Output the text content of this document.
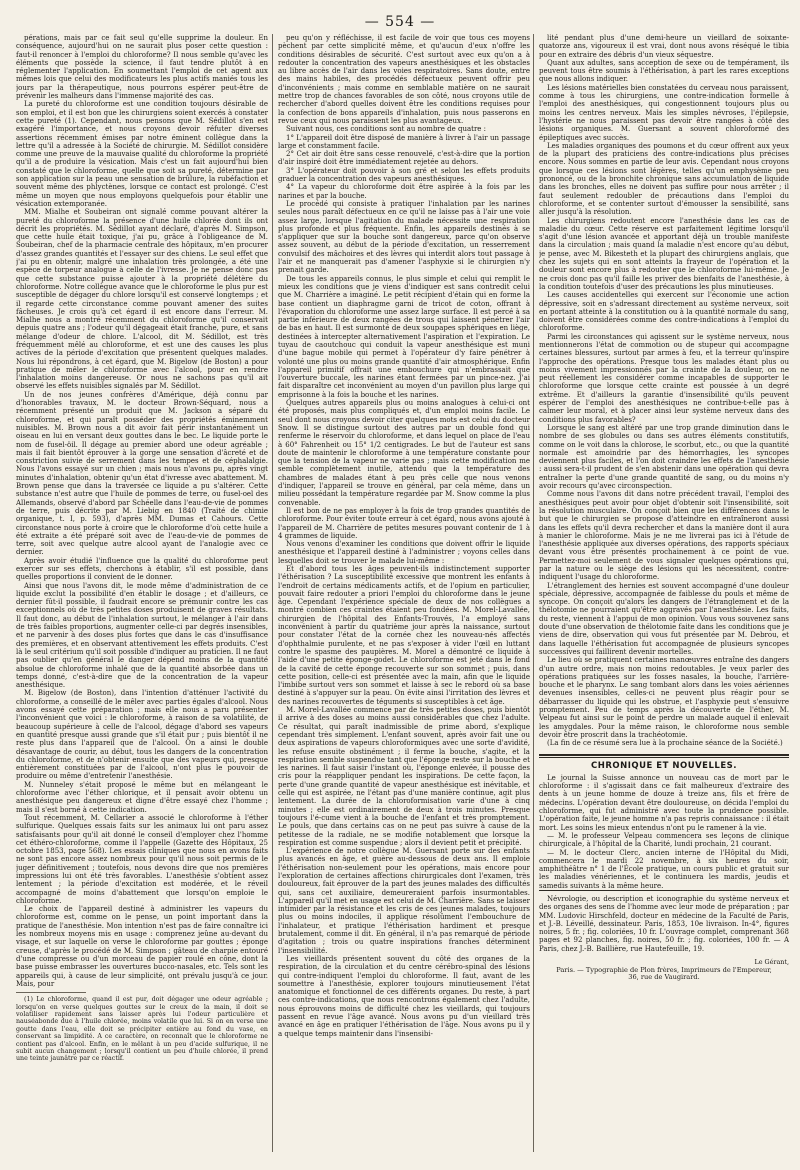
— 554 —

pérations, mais par ce fait seul qu'elle supprime la douleur. En conséquence, aujourd'hui on ne saurait plus poser cette question : faut-il renoncer à l'emploi du chloroforme? Il nous semble qu'avec les éléments que possède la science, il faut tendre plutôt à en réglementer l'application. En soumettant l'emploi de cet agent aux mêmes lois que celui des modificateurs les plus actifs maniés tous les jours par la thérapeutique, nous pourrons espérer peut-être de prévenir les malheurs dans l'immense majorité des cas.

La pureté du chloroforme est une condition toujours désirable de son emploi, et il est bon que les chirurgiens soient exercés à constater cette pureté (1). Cependant, nous pensons que M. Sédillot s'en est exagéré l'importance, et nous croyons devoir réfuter diverses assertions récemment émises par notre éminent collègue dans la lettre qu'il a adressée à la Société de chirurgie. M. Sédillot considère comme une preuve de la mauvaise qualité du chloroforme la propriété qu'il a de produire la vésication. Mais c'est un fait aujourd'hui bien constaté que le chloroforme, quelle que soit sa pureté, détermine par son application sur la peau une sensation de brûlure, la rubéfaction et souvent même des phlyctènes, lorsque ce contact est prolongé. C'est même un moyen que nous employons quelquefois pour établir une vésication extemporanée.

MM. Mialhe et Soubeiran ont signalé comme pouvant altérer la pureté du chloroforme la présence d'une huile chlorée dont ils ont décrit les propriétés. M. Sédillot ayant déclaré, d'après M. Simpson, que cette huile était toxique, j'ai pu, grâce à l'obligeance de M. Soubeiran, chef de la pharmacie centrale des hôpitaux, m'en procurer d'assez grandes quantités et l'essayer sur des chiens. Le seul effet que j'ai pu en obtenir, malgré une inhalation très prolongée, a été une espèce de torpeur analogue à celle de l'ivresse. Je ne pense donc pas que cette substance puisse ajouter à la propriété délétère du chloroforme. Notre collègue avance que le chloroforme le plus pur est susceptible de dégager du chlore lorsqu'il est conservé longtemps ; et il regarde cette circonstance comme pouvant amener des suites fâcheuses. Je crois qu'à cet égard il est encore dans l'erreur. M. Mialhe nous a montré récemment du chloroforme qu'il conservait depuis quatre ans ; l'odeur qu'il dégageait était franche, pure, et sans mélange d'odeur de chlore. L'alcool, dit M. Sédillot, est très fréquemment mêlé au chloroforme, et est une des causes les plus actives de la période d'excitation que présentent quelques malades. Nous lui répondrons, à cet égard, que M. Bigelow (de Boston) a pour pratique de mêler le chloroforme avec l'alcool, pour en rendre l'inhalation moins dangereuse. Or nous ne sachons pas qu'il ait observé les effets nuisibles signalés par M. Sédillot.

Un de nos jeunes confrères d'Amérique, déjà connu par d'honorables travaux, M. le docteur Brown-Séquard, nous a récemment présenté un produit que M. Jackson a séparé du chloroforme, et qui paraît posséder des propriétés éminemment nuisibles. M. Brown nous a dit avoir fait périr instantanément un oiseau en lui en versant deux gouttes dans le bec. Le liquide porte le nom de fusel-öil. Il dégage au premier abord une odeur agréable ; mais il fait bientôt éprouver à la gorge une sensation d'âcreté et de constriction suivie de serrement dans les tempes et de céphalalgie. Nous l'avons essayé sur un chien ; mais nous n'avons pu, après vingt minutes d'inhalation, obtenir qu'un état d'ivresse avec abattement. M. Brown pense que dans la traversée ce liquide a pu s'altérer. Cette substance n'est autre que l'huile de pommes de terre, ou fusel-oel des Allemands, observé d'abord par Schéelle dans l'eau-de-vie de pommes de terre, puis décrite par M. Liebig en 1840 (Traité de chimie organique, t. I, p. 593), d'après MM. Dumas et Cahours. Cette circonstance nous porte à croire que le chloroforme d'où cette huile a été extraite a été préparé soit avec de l'eau-de-vie de pommes de terre, soit avec quelque autre alcool ayant de l'analogie avec ce dernier.

Après avoir étudié l'influence que la qualité du chloroforme peut exercer sur ses effets, cherchons à établir, s'il est possible, dans quelles proportions il convient de le donner.

Ainsi que nous l'avons dit, le mode même d'administration de ce liquide exclut la possibilité d'en établir le dosage ; et d'ailleurs, ce dernier fût-il possible, il faudrait encore se prémunir contre les cas exceptionnels où de très petites doses produisent de graves résultats. Il faut donc, au début de l'inhalation surtout, le mélanger à l'air dans de très faibles proportions, augmenter celle-ci par degrés insensibles, et ne parvenir à des doses plus fortes que dans le cas d'insuffisance des premières, et en observant attentivement les effets produits. C'est là le seul critérium qu'il soit possible d'indiquer au praticien. Il ne faut pas oublier qu'en général le danger dépend moins de la quantité absolue de chloroforme inhalé que de la quantité absorbée dans un temps donné, c'est-à-dire que de la concentration de la vapeur anesthésique.

M. Bigelow (de Boston), dans l'intention d'atténuer l'activité du chloroforme, a conseillé de le mêler avec parties égales d'alcool. Nous avons essayé cette préparation ; mais elle nous a paru présenter l'inconvénient que voici : le chloroforme, à raison de sa volatilité, de beaucoup supérieure à celle de l'alcool, dégage d'abord ses vapeurs en quantité presque aussi grande que s'il était pur ; puis bientôt il ne reste plus dans l'appareil que de l'alcool. On a ainsi le double désavantage de courir, au début, tous les dangers de la concentration du chloroforme, et de n'obtenir ensuite que des vapeurs qui, presque entièrement constituées par de l'alcool, n'ont plus le pouvoir de produire ou même d'entretenir l'anesthésie.

M. Nunneley s'était proposé le même but en mélangeant le chloroforme avec l'éther chlorique, et il pensait avoir obtenu un anesthésique peu dangereux et digne d'être essayé chez l'homme ; mais il s'est borné à cette indication.

Tout récemment, M. Cellarier a associé le chloroforme à l'éther sulfurique. Quelques essais faits sur les animaux lui ont paru assez satisfaisants pour qu'il ait donné le conseil d'employer chez l'homme cet éthéro-chloroforme, comme il l'appelle (Gazette des Hôpitaux, 25 octobre 1853, page 568). Les essais cliniques que nous en avons faits ne sont pas encore assez nombreux pour qu'il nous soit permis de le juger définitivement ; toutefois, nous devons dire que nos premières impressions lui ont été très favorables. L'anesthésie s'obtient assez lentement ; la période d'excitation est modérée, et le réveil accompagné de moins d'abattement que lorsqu'on emploie le chloroforme.

Le choix de l'appareil destiné à administrer les vapeurs du chloroforme est, comme on le pense, un point important dans la pratique de l'anesthésie. Mon intention n'est pas de faire connaître ici les nombreux moyens mis en usage : comprenez jeûne au-devant du visage, et sur laquelle on verse le chloroforme par gouttes ; éponge creuse, d'après le procédé de M. Simpson ; gâteau de charpie entouré d'une compresse ou d'un morceau de papier roulé en cône, dont la base puisse embrasser les ouvertures bucco-nasales, etc. Tels sont les appareils qui, à cause de leur simplicité, ont prévalu jusqu'à ce jour. Mais, pour

(1) Le chloroforme, quand il est pur, doit dégager une odeur agréable ; lorsqu'on en verse quelques gouttes sur le creux de la main, il doit se volatiliser rapidement sans laisser après lui l'odeur particulière et nauséabonde due à l'huile chlorée, moins volatile que lui. Si on en verse une goutte dans l'eau, elle doit se précipiter entière au fond du vase, en conservant sa limpidité. A ce caractère, on reconnaît que le chloroforme ne contient pas d'alcool. Enfin, en le mêlant à un peu d'acide sulfurique, il ne subit aucun changement ; lorsqu'il contient un peu d'huile chlorée, il prend une teinte jaunâtre par ce réactif.

peu qu'on y réfléchisse, il est facile de voir que tous ces moyens pèchent par cette simplicité même, et qu'aucun d'eux n'offre les conditions désirables de sécurité. C'est surtout avec eux qu'on a à redouter la concentration des vapeurs anesthésiques et les obstacles au libre accès de l'air dans les voies respiratoires. Sans doute, entre des mains habiles, des procédés défectueux peuvent offrir peu d'inconvénients ; mais comme en semblable matière on ne saurait mettre trop de chances favorables de son côté, nous croyons utile de rechercher d'abord quelles doivent être les conditions requises pour la confection de bons appareils d'inhalation, puis nous passerons en revue ceux qui nous paraissent les plus avantageux.

Suivant nous, ces conditions sont au nombre de quatre :

1° L'appareil doit être disposé de manière à livrer à l'air un passage large et constamment facile.

2° Cet air doit être sans cesse renouvelé, c'est-à-dire que la portion d'air inspiré doit être immédiatement rejetée au dehors.

3° L'opérateur doit pouvoir à son gré et selon les effets produits graduer la concentration des vapeurs anesthésiques.

4° La vapeur du chloroforme doit être aspirée à la fois par les narines et par la bouche.

Le procédé qui consiste à pratiquer l'inhalation par les narines seules nous paraît défectueux en ce qu'il ne laisse pas à l'air une voie assez large, lorsque l'agitation du malade nécessite une respiration plus profonde et plus fréquente. Enfin, les appareils destinés à se s'appliquer que sur la bouche sont dangereux, parce qu'on observe assez souvent, au début de la période d'excitation, un resserrement convulsif des mâchoires et des lèvres qui interdit alors tout passage à l'air et ne manquerait pas d'amener l'asphyxie si le chirurgien n'y prenait garde.

De tous les appareils connus, le plus simple et celui qui remplit le mieux les conditions que je viens d'indiquer est sans contredit celui que M. Charrière a imaginé. Le petit récipient d'étain qui en forme la base contient un diaphragme garni de tricot de coton, offrant à l'évaporation du chloroforme une assez large surface. Il est percé à sa partie inférieure de deux rangées de trous qui laissent pénétrer l'air de bas en haut. Il est surmonté de deux soupapes sphériques en liège, destinées à intercepter alternativement l'aspiration et l'expiration. Le tuyau de caoutchouc qui conduit la vapeur anesthésique est muni d'une bague mobile qui permet à l'opérateur d'y faire pénétrer à volonté une plus ou moins grande quantité d'air atmosphérique. Enfin l'appareil primitif offrait une embouchure qui n'embrassait que l'ouverture buccale, les narines étant fermées par un pince-nez. J'ai fait disparaître cet inconvénient au moyen d'un pavillon plus large qui emprisonne à la fois la bouche et les narines.

Quelques autres appareils plus ou moins analogues à celui-ci ont été proposés, mais plus compliqués et, d'un emploi moins facile. Le seul dont nous croyons devoir citer quelques mots est celui du docteur Snow. Il se distingue surtout des autres par un double fond qui renferme le réservoir du chloroforme, et dans lequel on place de l'eau à 60° Fahrenheit ou 15° 1/2 centigrades. Le but de l'auteur est sans doute de maintenir le chloroforme à une température constante pour que la tension de la vapeur ne varie pas ; mais cette modification me semble complètement inutile, attendu que la température des chambres de malades étant à peu près celle que nous venons d'indiquer, l'appareil se trouve en général, par cela même, dans un milieu possédant la température regardée par M. Snow comme la plus convenable.

Il est bon de ne pas employer à la fois de trop grandes quantités de chloroforme. Pour éviter toute erreur à cet égard, nous avons ajouté à l'appareil de M. Charrière de petites mesures pouvant contenir de 1 à 4 grammes de liquide.

Nous venons d'examiner les conditions que doivent offrir le liquide anesthésique et l'appareil destiné à l'administrer ; voyons celles dans lesquelles doit se trouver le malade lui-même :

Et d'abord tous les âges peuvent-ils indistinctement supporter l'éthérisation ? La susceptibilité excessive que montrent les enfants à l'endroit de certains médicaments actifs, et de l'opium en particulier, pouvait faire redouter a priori l'emploi du chloroforme dans le jeune âge. Cependant l'expérience spéciale de deux de nos collègues a montré combien ces craintes étaient peu fondées. M. Morel-Lavallée, chirurgien de l'hôpital des Enfants-Trouvés, l'a employé sans inconvénient à partir du quatrième jour après la naissance, surtout pour constater l'état de la cornée chez les nouveau-nés affectés d'ophthalmie purulente, et ne pas s'exposer à vider l'œil en luttant contre le spasme des paupières. M. Morel a démontré ce liquide à l'aide d'une petite éponge-godet. Le chloroforme est jeté dans le fond de la cavité de cette éponge recouverte sur son sommet ; puis, dans cette position, celle-ci est présentée avec la main, afin que le liquide l'imbibe surtout vers son sommet et laisse à sec le rebord où sa base destiné à s'appuyer sur la peau. On évite ainsi l'irritation des lèvres et des narines recouvertes de téguments si susceptibles à cet âge.

M. Morel-Lavallée commence par de très petites doses, puis bientôt il arrive à des doses au moins aussi considérables que chez l'adulte. Ce résultat, qui paraît inadmissible de prime abord, s'explique cependant très simplement. L'enfant souvent, après avoir fait une ou deux aspirations de vapeurs chloroformiques avec une sorte d'avidité, les refuse ensuite obstinément ; il ferme la bouche, s'agite, et la respiration semble suspendue tant que l'éponge reste sur la bouche et les narines. Il faut saisir l'instant où, l'éponge enlevée, il pousse des cris pour la réappliquer pendant les inspirations. De cette façon, la perte d'une grande quantité de vapeur anesthésique est inévitable, et celle qui est aspirée, ne l'étant pas d'une manière continue, agit plus lentement. La durée de la chloroformisation varie d'une à cinq minutes ; elle est ordinairement de deux à trois minutes. Presque toujours l'é-cume vient à la bouche de l'enfant et très promptement. Le pouls, que dans certains cas on ne peut pas suivre à cause de la petitesse de la radiale, ne se modifie notablement que lorsque la respiration est comme suspendue ; alors il devient petit et précipité.

L'expérience de notre collègue M. Guersant porte sur des enfants plus avancés en âge, et guère au-dessous de deux ans. Il emploie l'éthérisation non-seulement pour les opérations, mais encore pour l'exploration de certaines affections chirurgicales dont l'examen, très douloureux, fait éprouver de la part des jeunes malades des difficultés qui, sans cet auxiliaire, demeureraient parfois insurmontables. L'appareil qu'il met en usage est celui de M. Charrière. Sans se laisser intimider par la résistance et les cris de ces jeunes malades, toujours plus ou moins indociles, il applique résolûment l'embouchure de l'inhalateur, et pratique l'éthérisation hardiment et presque brutalement, comme il dit. En général, il n'a pas remarqué de période d'agitation ; trois ou quatre inspirations franches déterminent l'insensibilité.

Les vieillards présentent souvent du côté des organes de la respiration, de la circulation et du centre cérébro-spinal des lésions qui contre-indiquent l'emploi du chloroforme. Il faut, avant de les soumettre à l'anesthésie, explorer toujours minutieusement l'état anatomique et fonctionnel de ces différents organes. Du reste, à part ces contre-indications, que nous rencontrons également chez l'adulte, nous éprouvons moins de difficulté chez les vieillards, qui toujours passent en revue l'âge avancé. Nous avons pu d'un vieillard très avancé en âge en pratiquer l'éthérisation de l'âge. Nous avons pu il y a quelque temps maintenir dans l'insensibi-

lité pendant plus d'une demi-heure un vieillard de soixante-quatorze ans, vigoureux il est vrai, dont nous avons réséqué le tibia pour en extraire des débris d'un vieux séquestre.

Quant aux adultes, sans acception de sexe ou de tempérament, ils peuvent tous être soumis à l'éthérisation, à part les rares exceptions que nous allons indiquer.

Les lésions matérielles bien constatées du cerveau nous paraissent, comme à tous les chirurgiens, une contre-indication formelle à l'emploi des anesthésiques, qui congestionnent toujours plus ou moins les centres nerveux. Mais les simples névroses, l'épilepsie, l'hystérie ne nous paraissent pas devoir être rangées à côté des lésions organiques. M. Guersant a souvent chloroformé des épileptiques avec succès.

Les maladies organiques des poumons et du cœur offrent aux yeux de la plupart des praticiens des contre-indications plus précises encore. Nous sommes en partie de leur avis. Cependant nous croyons que lorsque ces lésions sont légères, telles qu'un emphysème peu prononcé, ou de la bronchite chronique sans accumulation de liquide dans les bronches, elles ne doivent pas suffire pour nous arrêter ; il faut seulement redoubler de précautions dans l'emploi du chloroforme, et se contenter surtout d'émousser la sensibilité, sans aller jusqu'à la résolution.

Les chirurgiens redoutent encore l'anesthésie dans les cas de maladie du cœur. Cette réserve est parfaitement légitime lorsqu'il s'agit d'une lésion avancée et apportant déjà un trouble manifeste dans la circulation ; mais quand la maladie n'est encore qu'au début, je pense, avec M. Bikesteth et la plupart des chirurgiens anglais, que chez les sujets qui en sont atteints la frayeur de l'opération et la douleur sont encore plus à redouter que le chloroforme lui-même. Je ne crois donc pas qu'il faille les priver des bienfaits de l'anesthésie, à la condition toutefois d'user des précautions les plus minutieuses.

Les causes accidentelles qui exercent sur l'économie une action dépressive, soit en s'adressant directement au système nerveux, soit en portant atteinte à la constitution ou à la quantité normale du sang, doivent être considérées comme des contre-indications à l'emploi du chloroforme.

Parmi les circonstances qui agissent sur le système nerveux, nous mentionnerons l'état de commotion ou de stupeur qui accompagne certaines blessures, surtout par armes à feu, et la terreur qu'inspire l'approche des opérations. Presque tous les malades étant plus ou moins vivement impressionnés par la crainte de la douleur, on ne peut réellement les considérer comme incapables de supporter le chloroforme que lorsque cette crainte est poussée à un degré extrême. Et d'ailleurs la garantie d'insensibilité qu'ils peuvent espérer de l'emploi des anesthésiques ne contribue-t-elle pas à calmer leur moral, et à placer ainsi leur système nerveux dans des conditions plus favorables?

Lorsque le sang est altéré par une trop grande diminution dans le nombre de ses globules ou dans ses autres éléments constitutifs, comme on le voit dans la chlorose, le scorbut, etc., ou que la quantité normale est amoindrie par des hémorrhagies, les syncopes deviennent plus faciles, et l'on doit craindre les effets de l'anesthésie : aussi sera-t-il prudent de s'en abstenir dans une opération qui devra entraîner la perte d'une grande quantité de sang, ou du moins n'y avoir recours qu'avec circonspection.

Comme nous l'avons dit dans notre précédent travail, l'emploi des anesthésiques peut avoir pour objet d'obtenir soit l'insensibilité, soit la résolution musculaire. On conçoit bien que les différences dans le but que le chirurgien se propose d'atteindre en entraîneront aussi dans les effets qu'il devra rechercher et dans la manière dont il aura à manier le chloroforme. Mais je ne me livrerai pas ici à l'étude de l'anesthésie appliquée aux diverses opérations, des rapports spéciaux devant vous être présentés prochainement à ce point de vue. Permettez-moi seulement de vous signaler quelques opérations qui, par la nature ou le siège des lésions qui les nécessitent, contre-indiquent l'usage du chloroforme.

L'étranglement des hernies est souvent accompagné d'une douleur spéciale, dépressive, accompagnée de faiblesse du pouls et même de syncope. On conçoit qu'alors les dangers de l'étranglement et de la thélotomie ne pourraient qu'être aggravés par l'anesthésie. Les faits, du reste, viennent à l'appui de mon opinion. Vous vous souvenez sans doute d'une observation de thélotomie faite dans les conditions que je viens de dire, observation qui vous fut présentée par M. Debrou, et dans laquelle l'éthérisation fut accompagnée de plusieurs syncopes successives qui faillirent devenir mortelles.

Le lieu où se pratiquent certaines manœuvres entraîne des dangers d'un autre ordre, mais non moins redoutables. Je veux parler des opérations pratiquées sur les fosses nasales, la bouche, l'arrière-bouche et le pharynx. Le sang tombant alors dans les voies aériennes devenues insensibles, celles-ci ne peuvent plus réagir pour se débarrasser du liquide qui les obstrue, et l'asphyxie peut s'ensuivre promptement. Peu de temps après la découverte de l'éther, M. Velpeau fut ainsi sur le point de perdre un malade auquel il enlevait les amygdales. Pour la même raison, le chloroforme nous semble devoir être proscrit dans la trachéotomie.

(La fin de ce résumé sera lue à la prochaine séance de la Société.)

CHRONIQUE ET NOUVELLES.

Le journal la Suisse annonce un nouveau cas de mort par le chloroforme : il s'agissait dans ce fait malheureux d'extraire des dents à un jeune homme de douze à treize ans, fils et frère de médecins. L'opération devant être douloureuse, on décida l'emploi du chloroforme, qui fut administré avec toute la prudence possible. L'opération faite, le jeune homme n'a pas repris connaissance : il était mort. Les soins les mieux entendus n'ont pu le ramener à la vie.

— M. le professeur Velpeau commencera ses leçons de clinique chirurgicale, à l'hôpital de la Charité, lundi prochain, 21 courant.

— M. le docteur Clerc, ancien interne de l'Hôpital du Midi, commencera le mardi 22 novembre, à six heures du soir, amphithéâtre n° 1 de l'École pratique, un cours public et gratuit sur les maladies vénériennes, et le continuera les mardis, jeudis et samedis suivants à la même heure.

Névrologie, ou description et iconographie du système nerveux et des organes des sens de l'homme avec leur mode de préparation ; par MM. Ludovic Hirschfeld, docteur en médecine de la Faculté de Paris, et J.-B. Léveillé, dessinateur. Paris, 1853, 10e livraison. In-4°, figures noires, 5 fr. ; fig. coloriées, 10 fr. L'ouvrage complet, comprenant 368 pages et 92 planches, fig. noires, 50 fr. ; fig. coloriées, 100 fr. — A Paris, chez J.-B. Baillière, rue Hautefeuille, 19.

Le Gérant,
Paris. — Typographie de Plon frères, Imprimeurs de l'Empereur,
36, rue de Vaugirard.
